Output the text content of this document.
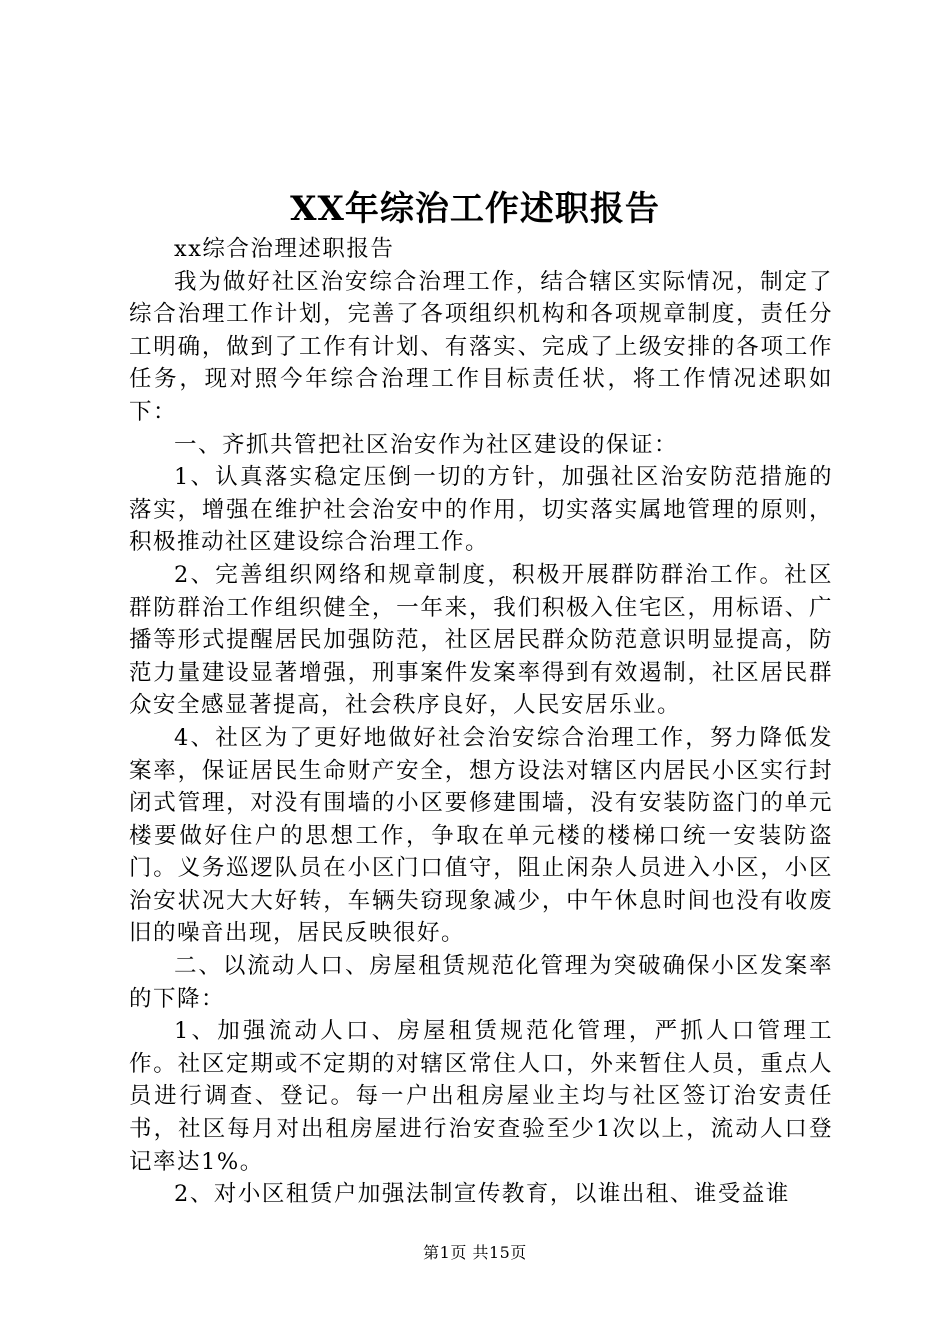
XX年综治工作述职报告

xx综合治理述职报告

我为做好社区治安综合治理工作，结合辖区实际情况，制定了综合治理工作计划，完善了各项组织机构和各项规章制度，责任分工明确，做到了工作有计划、有落实、完成了上级安排的各项工作任务，现对照今年综合治理工作目标责任状，将工作情况述职如下：

一、齐抓共管把社区治安作为社区建设的保证：

1、认真落实稳定压倒一切的方针，加强社区治安防范措施的落实，增强在维护社会治安中的作用，切实落实属地管理的原则，积极推动社区建设综合治理工作。

2、完善组织网络和规章制度，积极开展群防群治工作。社区群防群治工作组织健全，一年来，我们积极入住宅区，用标语、广播等形式提醒居民加强防范，社区居民群众防范意识明显提高，防范力量建设显著增强，刑事案件发案率得到有效遏制，社区居民群众安全感显著提高，社会秩序良好，人民安居乐业。

4、社区为了更好地做好社会治安综合治理工作，努力降低发案率，保证居民生命财产安全，想方设法对辖区内居民小区实行封闭式管理，对没有围墙的小区要修建围墙，没有安装防盗门的单元楼要做好住户的思想工作，争取在单元楼的楼梯口统一安装防盗门。义务巡逻队员在小区门口值守，阻止闲杂人员进入小区，小区治安状况大大好转，车辆失窃现象减少，中午休息时间也没有收废旧的噪音出现，居民反映很好。

二、以流动人口、房屋租赁规范化管理为突破确保小区发案率的下降：

1、加强流动人口、房屋租赁规范化管理，严抓人口管理工作。社区定期或不定期的对辖区常住人口，外来暂住人员，重点人员进行调查、登记。每一户出租房屋业主均与社区签订治安责任书，社区每月对出租房屋进行治安查验至少1次以上，流动人口登记率达1%。

2、对小区租赁户加强法制宣传教育，以谁出租、谁受益谁

第1页 共15页
